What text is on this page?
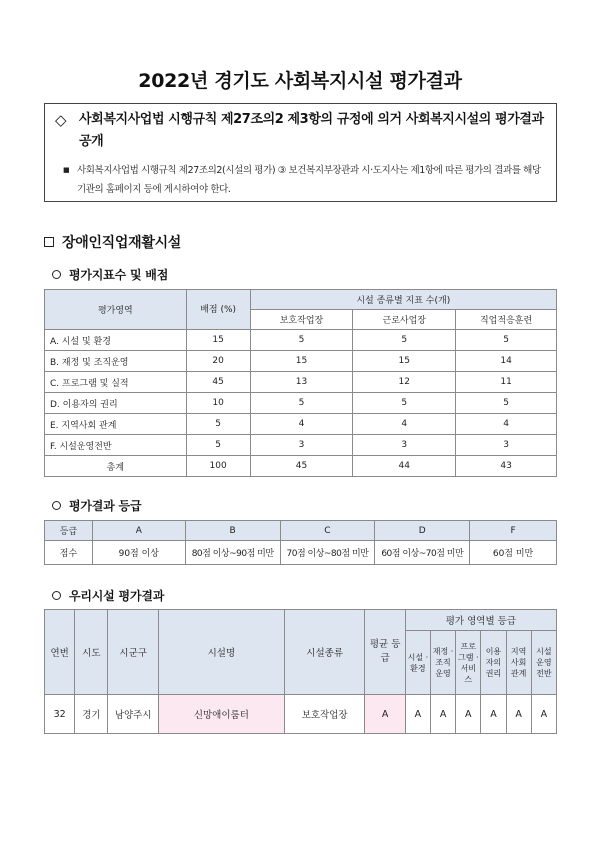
2022년 경기도 사회복지시설 평가결과
◇ 사회복지사업법 시행규칙 제27조의2 제3항의 규정에 의거 사회복지시설의 평가결과 공개
■ 사회복지사업법 시행규칙 제27조의2(시설의 평가) ③ 보건복지부장관과 시·도지사는 제1항에 따른 평가의 결과를 해당 기관의 홈페이지 등에 게시하여야 한다.
장애인직업재활시설
평가지표수 및 배점
평가영역	배점 (%)	시설 종류별 지표 수(개)		
		보호작업장	근로사업장	직업적응훈련
A. 시설 및 환경	15	5	5	5
B. 재정 및 조직운영	20	15	15	14
C. 프로그램 및 실적	45	13	12	11
D. 이용자의 권리	10	5	5	5
E. 지역사회 관계	5	4	4	4
F. 시설운영전반	5	3	3	3
총계	100	45	44	43
평가결과 등급
등급	A	B	C	D	F
점수	90점 이상	80점 이상~90점 미만	70점 이상~80점 미만	60점 이상~70점 미만	60점 미만
우리시설 평가결과
연번	시도	시군구	시설명	시설종류	평균 등급	평가 영역별 등급					
						시설 · 환경	재정 · 조직 운영	프로 그램 · 서비 스	이용 자의 권리	지역 사회 관계	시설 운영 전반
32	경기	남양주시	신망애이룸터	보호작업장	A	A	A	A	A	A	A
